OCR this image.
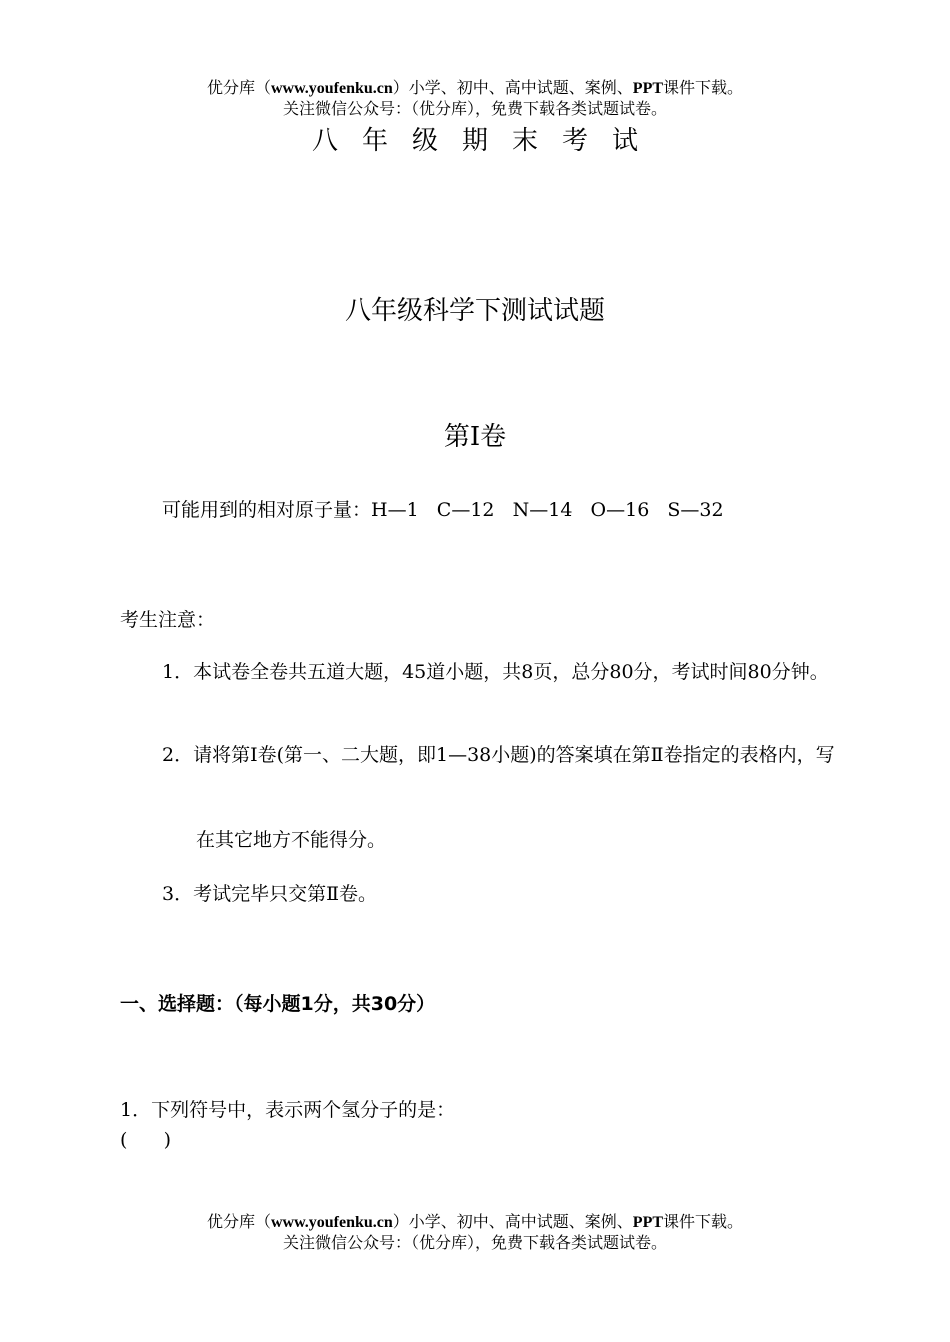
优分库（www.youfenku.cn）小学、初中、高中试题、案例、PPT课件下载。
关注微信公众号：（优分库），免费下载各类试题试卷。
八年级期末考试
八年级科学下测试试题
第Ⅰ卷
可能用到的相对原子量：H—1   C—12   N—14   O—16   S—32
考生注意：
1．本试卷全卷共五道大题，45道小题，共8页，总分80分，考试时间80分钟。
2．请将第Ⅰ卷(第一、二大题，即1—38小题)的答案填在第Ⅱ卷指定的表格内，写
在其它地方不能得分。
3．考试完毕只交第Ⅱ卷。
一、选择题：（每小题1分，共30分）
1．下列符号中，表示两个氢分子的是：
(      )
优分库（www.youfenku.cn）小学、初中、高中试题、案例、PPT课件下载。
关注微信公众号：（优分库），免费下载各类试题试卷。
